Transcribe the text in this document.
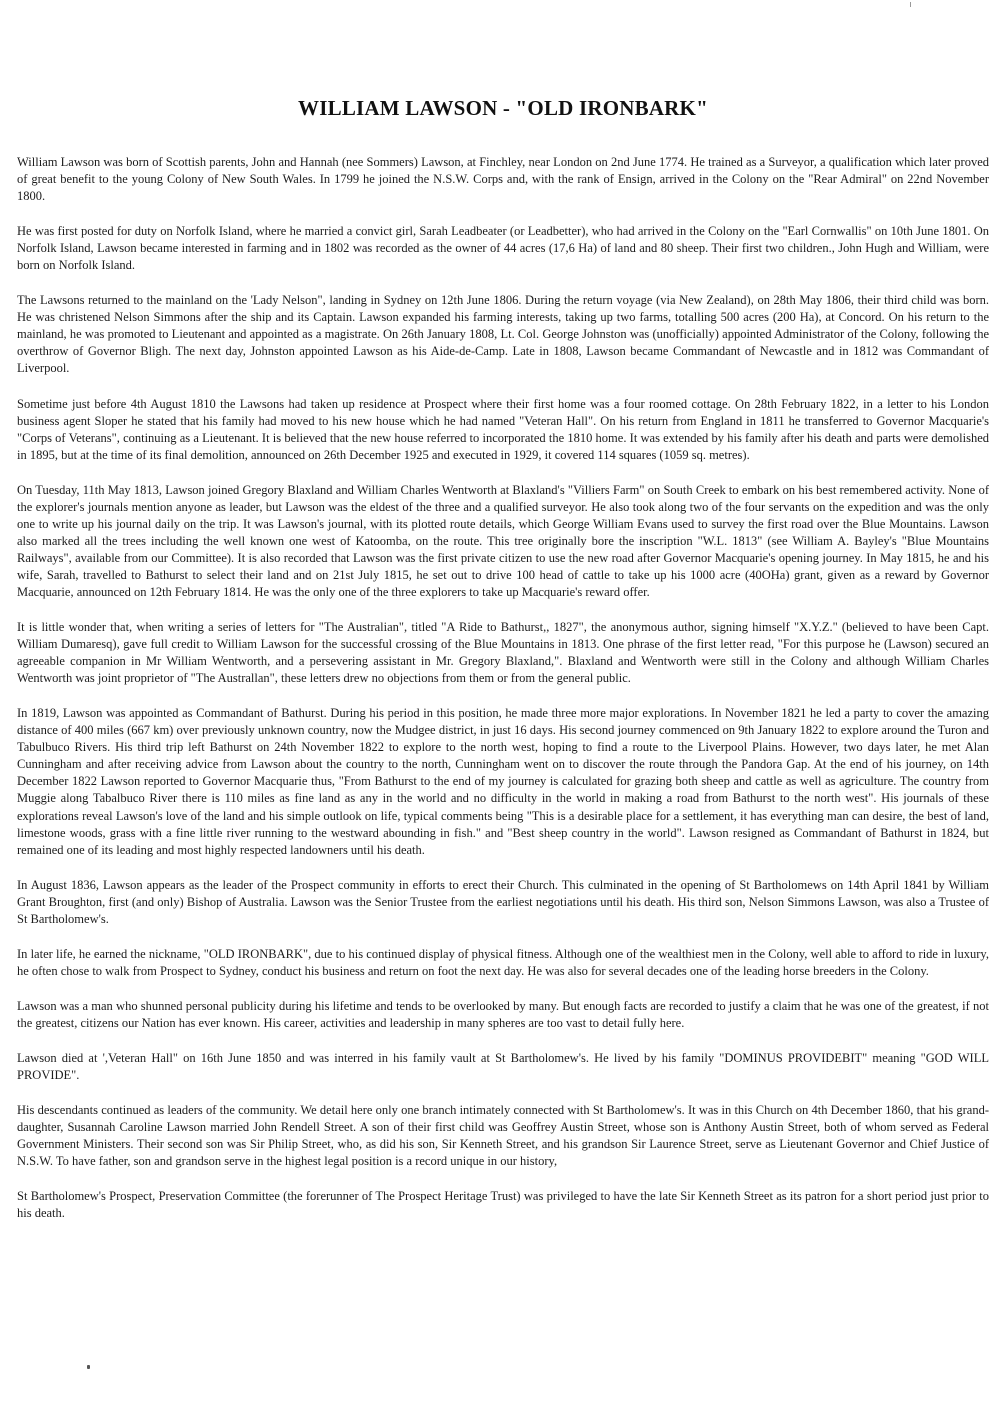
WILLIAM LAWSON - "OLD IRONBARK"

William Lawson was born of Scottish parents, John and Hannah (nee Sommers) Lawson, at Finchley, near London on 2nd June 1774. He trained as a Surveyor, a qualification which later proved of great benefit to the young Colony of New South Wales. In 1799 he joined the N.S.W. Corps and, with the rank of Ensign, arrived in the Colony on the "Rear Admiral" on 22nd November 1800.

He was first posted for duty on Norfolk Island, where he married a convict girl, Sarah Leadbeater (or Leadbetter), who had arrived in the Colony on the "Earl Cornwallis" on 10th June 1801. On Norfolk Island, Lawson became interested in farming and in 1802 was recorded as the owner of 44 acres (17,6 Ha) of land and 80 sheep. Their first two children., John Hugh and William, were born on Norfolk Island.

The Lawsons returned to the mainland on the 'Lady Nelson", landing in Sydney on 12th June 1806. During the return voyage (via New Zealand), on 28th May 1806, their third child was born. He was christened Nelson Simmons after the ship and its Captain. Lawson expanded his farming interests, taking up two farms, totalling 500 acres (200 Ha), at Concord. On his return to the mainland, he was promoted to Lieutenant and appointed as a magistrate. On 26th January 1808, Lt. Col. George Johnston was (unofficially) appointed Administrator of the Colony, following the overthrow of Governor Bligh. The next day, Johnston appointed Lawson as his Aide-de-Camp. Late in 1808, Lawson became Commandant of Newcastle and in 1812 was Commandant of Liverpool.

Sometime just before 4th August 1810 the Lawsons had taken up residence at Prospect where their first home was a four roomed cottage. On 28th February 1822, in a letter to his London business agent Sloper he stated that his family had moved to his new house which he had named "Veteran Hall". On his return from England in 1811 he transferred to Governor Macquarie's "Corps of Veterans", continuing as a Lieutenant. It is believed that the new house referred to incorporated the 1810 home. It was extended by his family after his death and parts were demolished in 1895, but at the time of its final demolition, announced on 26th December 1925 and executed in 1929, it covered 114 squares (1059 sq. metres).

On Tuesday, 11th May 1813, Lawson joined Gregory Blaxland and William Charles Wentworth at Blaxland's "Villiers Farm" on South Creek to embark on his best remembered activity. None of the explorer's journals mention anyone as leader, but Lawson was the eldest of the three and a qualified surveyor. He also took along two of the four servants on the expedition and was the only one to write up his journal daily on the trip. It was Lawson's journal, with its plotted route details, which George William Evans used to survey the first road over the Blue Mountains. Lawson also marked all the trees including the well known one west of Katoomba, on the route. This tree originally bore the inscription "W.L. 1813" (see William A. Bayley's "Blue Mountains Railways", available from our Committee). It is also recorded that Lawson was the first private citizen to use the new road after Governor Macquarie's opening journey. In May 1815, he and his wife, Sarah, travelled to Bathurst to select their land and on 21st July 1815, he set out to drive 100 head of cattle to take up his 1000 acre (40OHa) grant, given as a reward by Governor Macquarie, announced on 12th February 1814. He was the only one of the three explorers to take up Macquarie's reward offer.

It is little wonder that, when writing a series of letters for "The Australian", titled "A Ride to Bathurst,, 1827", the anonymous author, signing himself "X.Y.Z." (believed to have been Capt. William Dumaresq), gave full credit to William Lawson for the successful crossing of the Blue Mountains in 1813. One phrase of the first letter read, "For this purpose he (Lawson) secured an agreeable companion in Mr William Wentworth, and a persevering assistant in Mr. Gregory Blaxland,". Blaxland and Wentworth were still in the Colony and although William Charles Wentworth was joint proprietor of "The Australlan", these letters drew no objections from them or from the general public.

In 1819, Lawson was appointed as Commandant of Bathurst. During his period in this position, he made three more major explorations. In November 1821 he led a party to cover the amazing distance of 400 miles (667 km) over previously unknown country, now the Mudgee district, in just 16 days. His second journey commenced on 9th January 1822 to explore around the Turon and Tabulbuco Rivers. His third trip left Bathurst on 24th November 1822 to explore to the north west, hoping to find a route to the Liverpool Plains. However, two days later, he met Alan Cunningham and after receiving advice from Lawson about the country to the north, Cunningham went on to discover the route through the Pandora Gap. At the end of his journey, on 14th December 1822 Lawson reported to Governor Macquarie thus, "From Bathurst to the end of my journey is calculated for grazing both sheep and cattle as well as agriculture. The country from Muggie along Tabalbuco River there is 110 miles as fine land as any in the world and no difficulty in the world in making a road from Bathurst to the north west". His journals of these explorations reveal Lawson's love of the land and his simple outlook on life, typical comments being "This is a desirable place for a settlement, it has everything man can desire, the best of land, limestone woods, grass with a fine little river running to the westward abounding in fish." and "Best sheep country in the world". Lawson resigned as Commandant of Bathurst in 1824, but remained one of its leading and most highly respected landowners until his death.

In August 1836, Lawson appears as the leader of the Prospect community in efforts to erect their Church. This culminated in the opening of St Bartholomews on 14th April 1841 by William Grant Broughton, first (and only) Bishop of Australia. Lawson was the Senior Trustee from the earliest negotiations until his death. His third son, Nelson Simmons Lawson, was also a Trustee of St Bartholomew's.

In later life, he earned the nickname, "OLD IRONBARK", due to his continued display of physical fitness. Although one of the wealthiest men in the Colony, well able to afford to ride in luxury, he often chose to walk from Prospect to Sydney, conduct his business and return on foot the next day. He was also for several decades one of the leading horse breeders in the Colony.

Lawson was a man who shunned personal publicity during his lifetime and tends to be overlooked by many. But enough facts are recorded to justify a claim that he was one of the greatest, if not the greatest, citizens our Nation has ever known. His career, activities and leadership in many spheres are too vast to detail fully here.

Lawson died at ',Veteran Hall" on 16th June 1850 and was interred in his family vault at St Bartholomew's. He lived by his family "DOMINUS PROVIDEBIT" meaning "GOD WILL PROVIDE".

His descendants continued as leaders of the community. We detail here only one branch intimately connected with St Bartholomew's. It was in this Church on 4th December 1860, that his grand-daughter, Susannah Caroline Lawson married John Rendell Street. A son of their first child was Geoffrey Austin Street, whose son is Anthony Austin Street, both of whom served as Federal Government Ministers. Their second son was Sir Philip Street, who, as did his son, Sir Kenneth Street, and his grandson Sir Laurence Street, serve as Lieutenant Governor and Chief Justice of N.S.W. To have father, son and grandson serve in the highest legal position is a record unique in our history,

St Bartholomew's Prospect, Preservation Committee (the forerunner of The Prospect Heritage Trust) was privileged to have the late Sir Kenneth Street as its patron for a short period just prior to his death.
